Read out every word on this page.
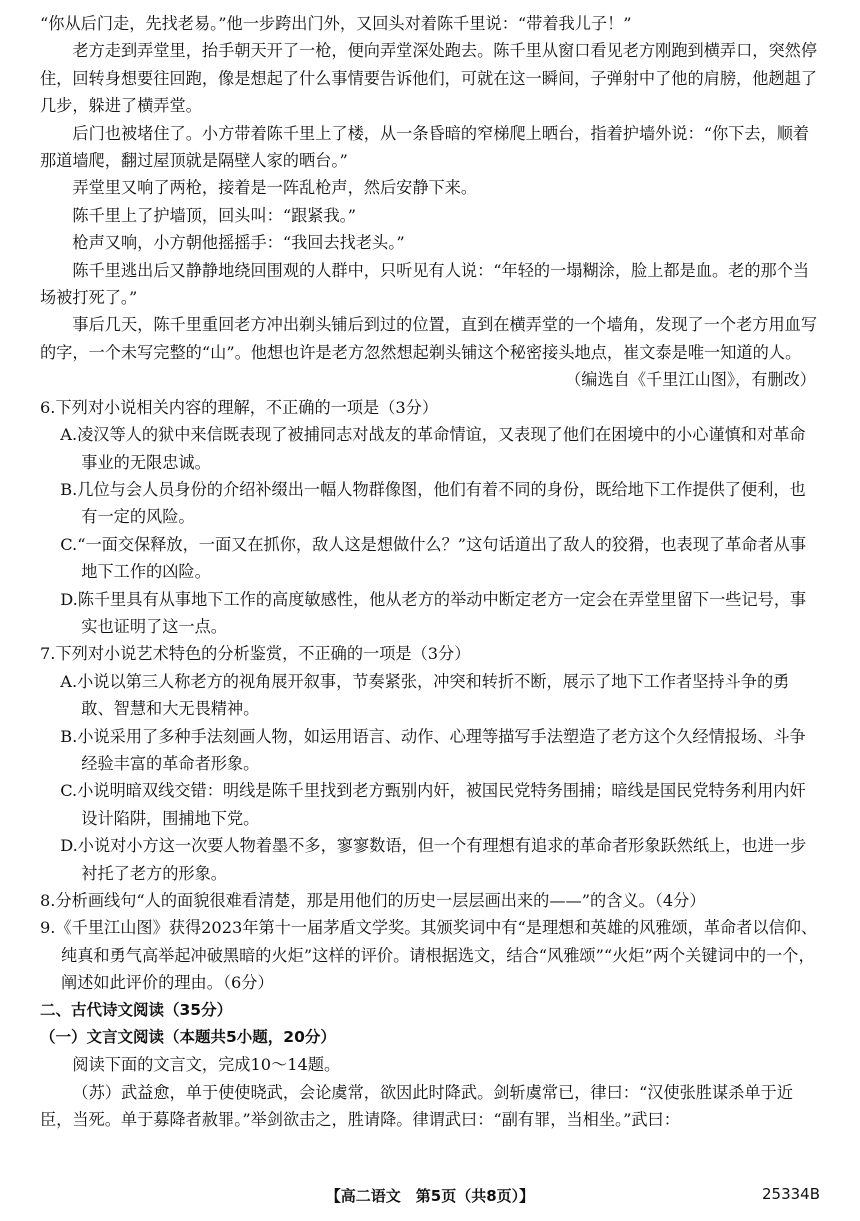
“你从后门走，先找老易。”他一步跨出门外，又回头对着陈千里说：“带着我儿子！”

老方走到弄堂里，抬手朝天开了一枪，便向弄堂深处跑去。陈千里从窗口看见老方刚跑到横弄口，突然停住，回转身想要往回跑，像是想起了什么事情要告诉他们，可就在这一瞬间，子弹射中了他的肩膀，他趔趄了几步，躲进了横弄堂。

后门也被堵住了。小方带着陈千里上了楼，从一条昏暗的窄梯爬上晒台，指着护墙外说：“你下去，顺着那道墙爬，翻过屋顶就是隔壁人家的晒台。”

弄堂里又响了两枪，接着是一阵乱枪声，然后安静下来。

陈千里上了护墙顶，回头叫：“跟紧我。”

枪声又响，小方朝他摇摇手：“我回去找老头。”

陈千里逃出后又静静地绕回围观的人群中，只听见有人说：“年轻的一塌糊涂，脸上都是血。老的那个当场被打死了。”

事后几天，陈千里重回老方冲出剃头铺后到过的位置，直到在横弄堂的一个墙角，发现了一个老方用血写的字，一个未写完整的“山”。他想也许是老方忽然想起剃头铺这个秘密接头地点，崔文泰是唯一知道的人。

（编选自《千里江山图》，有删改）

6.下列对小说相关内容的理解，不正确的一项是（3分）

A.凌汉等人的狱中来信既表现了被捕同志对战友的革命情谊，又表现了他们在困境中的小心谨慎和对革命事业的无限忠诚。

B.几位与会人员身份的介绍补缀出一幅人物群像图，他们有着不同的身份，既给地下工作提供了便利，也有一定的风险。

C.“一面交保释放，一面又在抓你，敌人这是想做什么？”这句话道出了敌人的狡猾，也表现了革命者从事地下工作的凶险。

D.陈千里具有从事地下工作的高度敏感性，他从老方的举动中断定老方一定会在弄堂里留下一些记号，事实也证明了这一点。

7.下列对小说艺术特色的分析鉴赏，不正确的一项是（3分）

A.小说以第三人称老方的视角展开叙事，节奏紧张，冲突和转折不断，展示了地下工作者坚持斗争的勇敢、智慧和大无畏精神。

B.小说采用了多种手法刻画人物，如运用语言、动作、心理等描写手法塑造了老方这个久经情报场、斗争经验丰富的革命者形象。

C.小说明暗双线交错：明线是陈千里找到老方甄别内奸，被国民党特务围捕；暗线是国民党特务利用内奸设计陷阱，围捕地下党。

D.小说对小方这一次要人物着墨不多，寥寥数语，但一个有理想有追求的革命者形象跃然纸上，也进一步衬托了老方的形象。

8.分析画线句“人的面貌很难看清楚，那是用他们的历史一层层画出来的——”的含义。（4分）

9.《千里江山图》获得2023年第十一届茅盾文学奖。其颁奖词中有“是理想和英雄的风雅颂，革命者以信仰、纯真和勇气高举起冲破黑暗的火炬”这样的评价。请根据选文，结合“风雅颂”“火炬”两个关键词中的一个，阐述如此评价的理由。（6分）

二、古代诗文阅读（35分）

（一）文言文阅读（本题共5小题，20分）

阅读下面的文言文，完成10～14题。

（苏）武益愈，单于使使晓武，会论虞常，欲因此时降武。剑斩虞常已，律曰：“汉使张胜谋杀单于近臣，当死。单于募降者赦罪。”举剑欲击之，胜请降。律谓武曰：“副有罪，当相坐。”武曰：

【高二语文　第5页（共8页）】	25334B
